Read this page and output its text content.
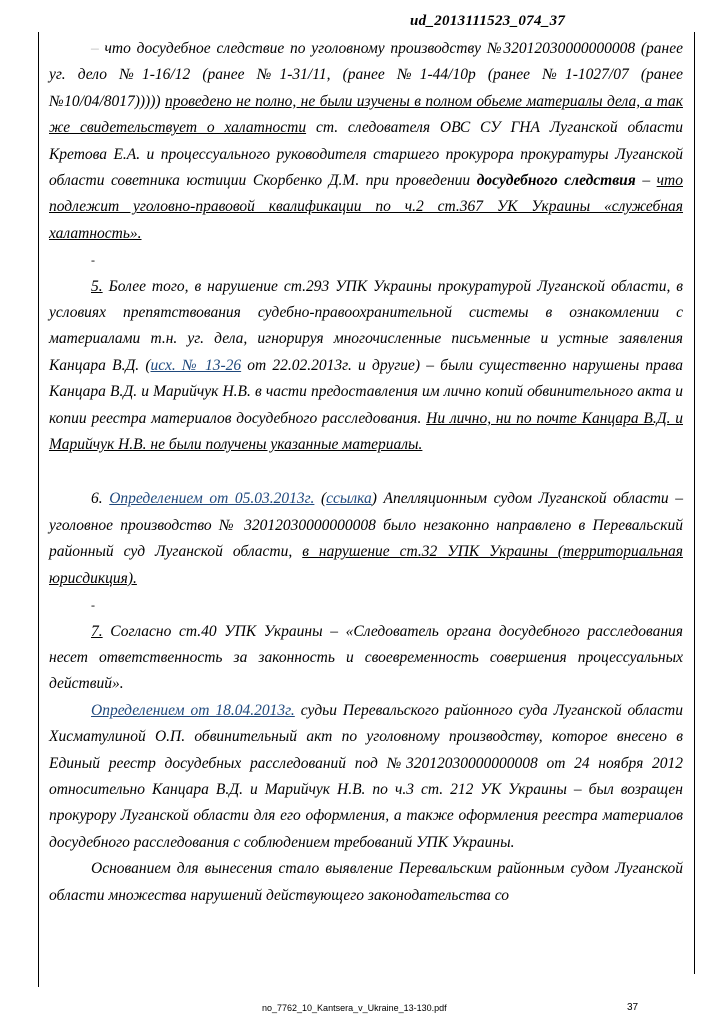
ud_2013111523_074_37

– что досудебное следствие по уголовному производству №32012030000000008 (ранее уг. дело №1-16/12 (ранее №1-31/11, (ранее №1-44/10р (ранее №1-1027/07 (ранее №10/04/8017))))) проведено не полно, не были изучены в полном обьеме материалы дела, а так же свидетельствует о халатности ст. следователя ОВС СУ ГНА Луганской области Кретова Е.А. и процессуального руководителя старшего прокурора прокуратуры Луганской области советника юстиции Скорбенко Д.М. при проведении досудебного следствия – что подлежит уголовно-правовой квалификации по ч.2 ст.367 УК Украины «служебная халатность».

-

5. Более того, в нарушение ст.293 УПК Украины прокуратурой Луганской области, в условиях препятствования судебно-правоохранительной системы в ознакомлении с материалами т.н. уг. дела, игнорируя многочисленные письменные и устные заявления Канцара В.Д. (исх. № 13-26 от 22.02.2013г. и другие) – были существенно нарушены права Канцара В.Д. и Марийчук Н.В. в части предоставления им лично копий обвинительного акта и копии реестра материалов досудебного расследования. Ни лично, ни по почте Канцара В.Д. и Марийчук Н.В. не были получены указанные материалы.

6. Определением от 05.03.2013г. (ссылка) Апелляционным судом Луганской области – уголовное производство № 32012030000000008 было незаконно направлено в Перевальский районный суд Луганской области, в нарушение ст.32 УПК Украины (территориальная юрисдикция).

-

7. Согласно ст.40 УПК Украины – «Следователь органа досудебного расследования несет ответственность за законность и своевременность совершения процессуальных действий».

Определением от 18.04.2013г. судьи Перевальского районного суда Луганской области Хисматулиной О.П. обвинительный акт по уголовному производству, которое внесено в Единый реестр досудебных расследований под №32012030000000008 от 24 ноября 2012 относительно Канцара В.Д. и Марийчук Н.В. по ч.3 ст. 212 УК Украины – был возращен прокурору Луганской области для его оформления, а также оформления реестра материалов досудебного расследования с соблюдением требований УПК Украины.

Основанием для вынесения стало выявление Перевальским районным судом Луганской области множества нарушений действующего законодательства со

no_7762_10_Kantsera_v_Ukraine_13-130.pdf	37
